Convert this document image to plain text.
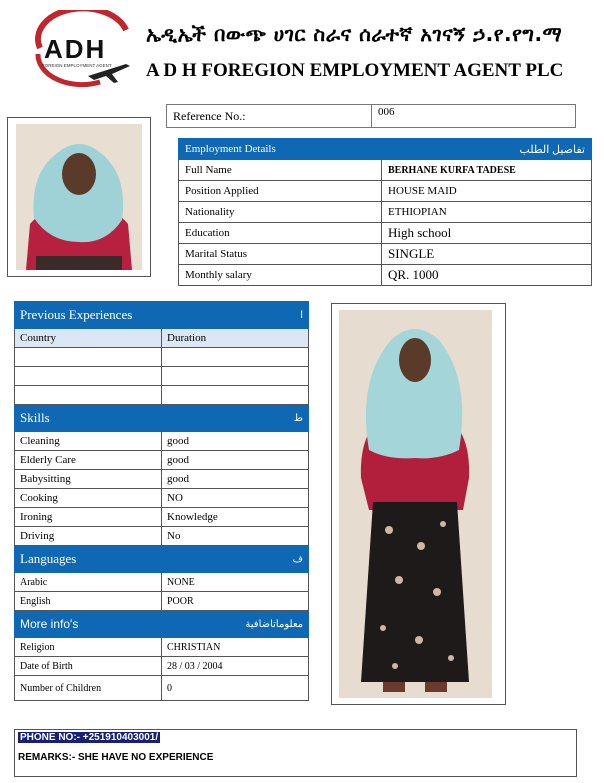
ADH
FOREIGN EMPLOYMENT AGENT
ኤዲኤች በውጭ ሀገር ስራና ሰራተኛ አገናኝ ኃ.የ.የግ.ማ
A D H FOREGION EMPLOYMENT AGENT PLC
Reference No.:	006
Employment Details تفاصيل الطلب	

Full Name	BERHANE KURFA TADESE
Position Applied	HOUSE MAID
Nationality	ETHIOPIAN
Education	High school
Marital Status	SINGLE
Monthly salary	QR. 1000
Previous Experiences ا	

Country	Duration

Skills ط	

Cleaning	good
Elderly Care	good
Babysitting	good
Cooking	NO
Ironing	Knowledge
Driving	No

Languages ف	

Arabic	NONE
English	POOR

More info's معلوماتاضافية	

Religion	CHRISTIAN
Date of Birth	28 / 03 / 2004
Number of Children	0
PHONE NO:- +251910403001/
REMARKS:- SHE HAVE NO EXPERIENCE
